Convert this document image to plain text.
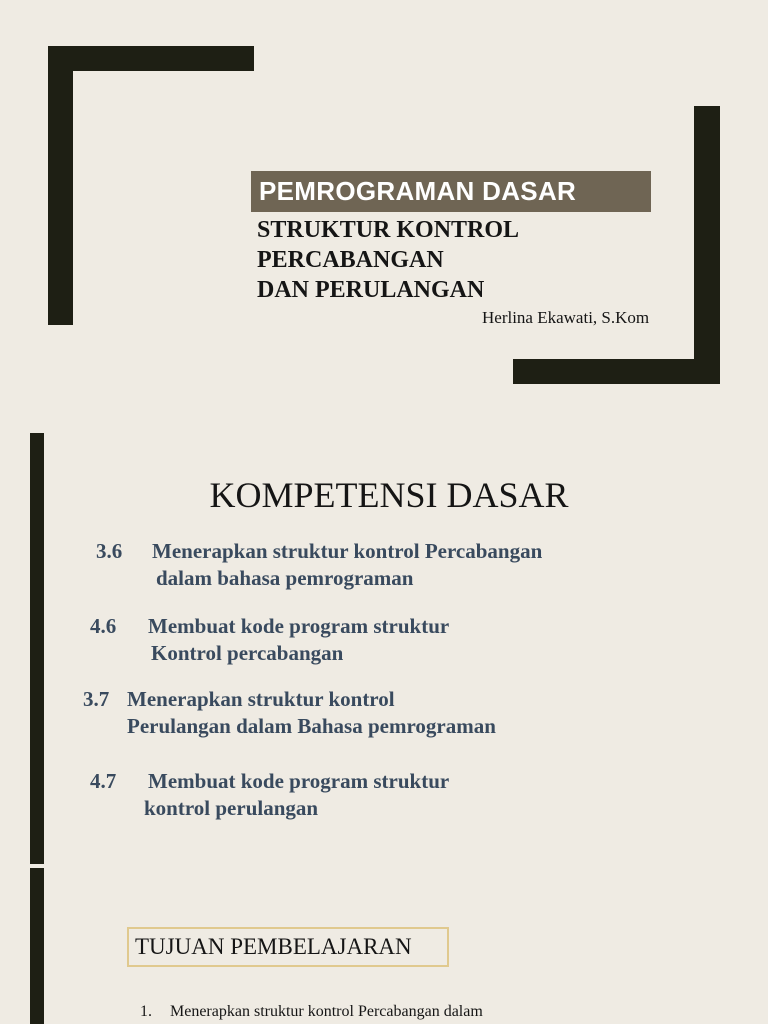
PEMROGRAMAN DASAR
STRUKTUR KONTROL
PERCABANGAN
DAN PERULANGAN
Herlina Ekawati, S.Kom
KOMPETENSI DASAR
3.6 Menerapkan struktur kontrol Percabangan
dalam bahasa pemrograman
4.6 Membuat kode program struktur
Kontrol percabangan
3.7 Menerapkan struktur kontrol
Perulangan dalam Bahasa pemrograman
4.7 Membuat kode program struktur
kontrol perulangan
TUJUAN PEMBELAJARAN
1. Menerapkan struktur kontrol Percabangan dalam
